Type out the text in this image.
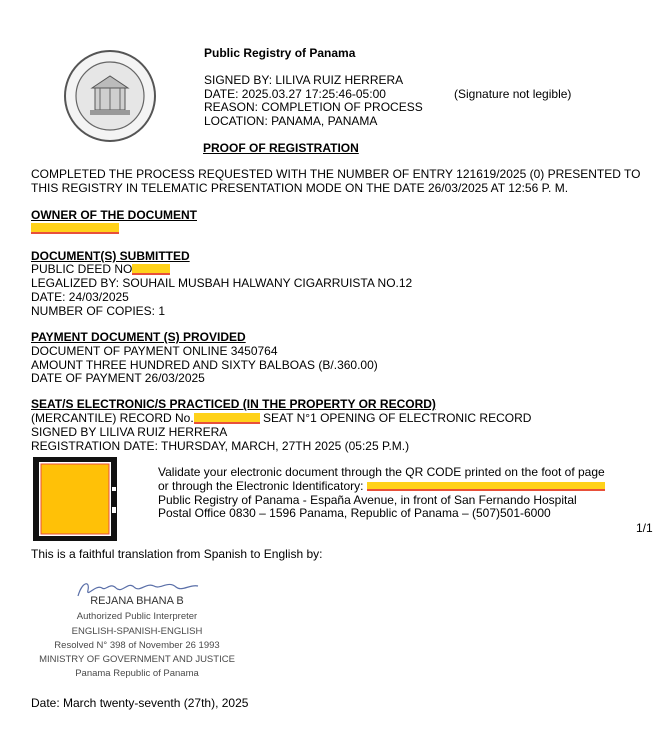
Public Registry of Panama
SIGNED BY: LILIVA RUIZ HERRERA
DATE: 2025.03.27 17:25:46-05:00	(Signature not legible)
REASON: COMPLETION OF PROCESS
LOCATION: PANAMA, PANAMA
PROOF OF REGISTRATION
COMPLETED THE PROCESS REQUESTED WITH THE NUMBER OF ENTRY 121619/2025 (0) PRESENTED TO
THIS REGISTRY IN TELEMATIC PRESENTATION MODE ON THE DATE 26/03/2025 AT 12:56 P. M.
OWNER OF THE DOCUMENT
DOCUMENT(S) SUBMITTED
PUBLIC DEED NO
LEGALIZED BY: SOUHAIL MUSBAH HALWANY CIGARRUISTA NO.12
DATE: 24/03/2025
NUMBER OF COPIES: 1
PAYMENT DOCUMENT (S) PROVIDED
DOCUMENT OF PAYMENT ONLINE 3450764
AMOUNT THREE HUNDRED AND SIXTY BALBOAS (B/.360.00)
DATE OF PAYMENT 26/03/2025
SEAT/S ELECTRONIC/S PRACTICED (IN THE PROPERTY OR RECORD)
(MERCANTILE) RECORD No.	SEAT N°1 OPENING OF ELECTRONIC RECORD
SIGNED BY LILIVA RUIZ HERRERA
REGISTRATION DATE: THURSDAY, MARCH, 27TH 2025 (05:25 P.M.)
Validate your electronic document through the QR CODE printed on the foot of page
or through the Electronic Identificatory:
Public Registry of Panama - España Avenue, in front of San Fernando Hospital
Postal Office 0830 – 1596 Panama, Republic of Panama – (507)501-6000
1/1
This is a faithful translation from Spanish to English by:
REJANA BHANA B
Authorized Public Interpreter
ENGLISH-SPANISH-ENGLISH
Resolved N° 398 of November 26 1993
MINISTRY OF GOVERNMENT AND JUSTICE
Panama Republic of Panama
Date: March twenty-seventh (27th), 2025
